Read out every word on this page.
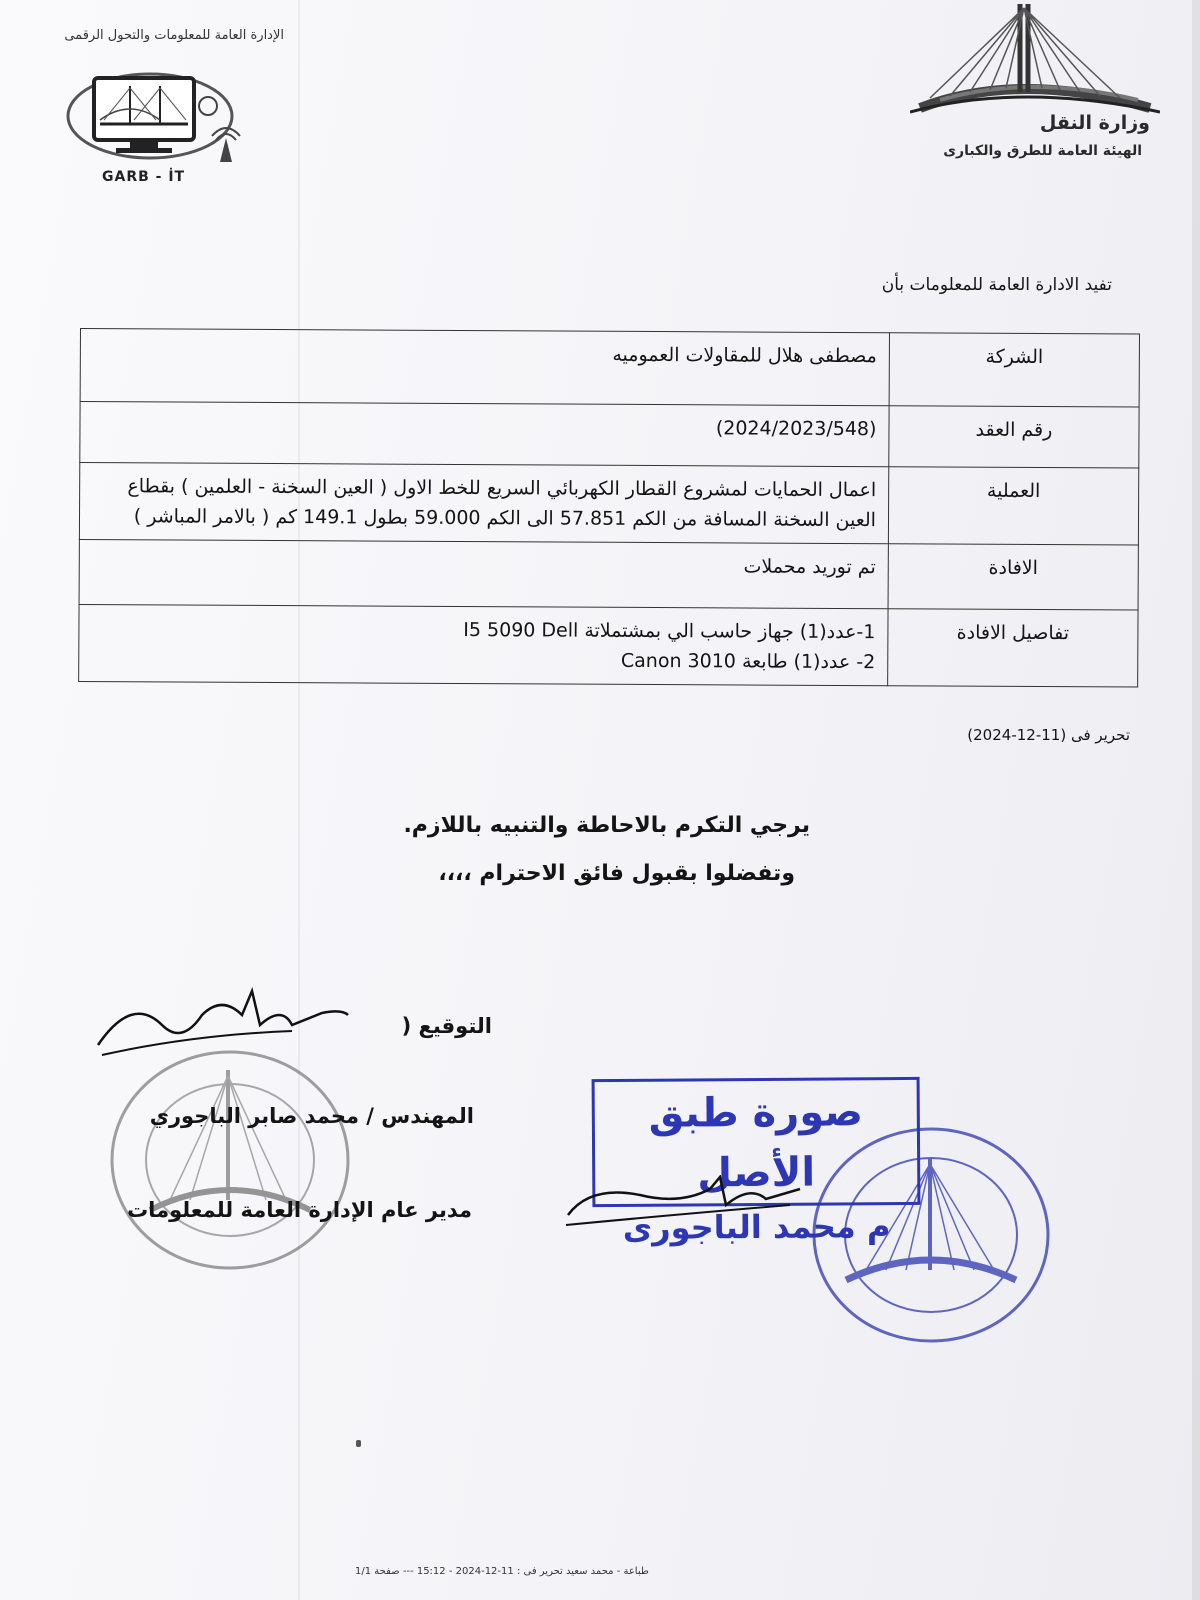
الإدارة العامة للمعلومات والتحول الرقمى
GARB - İT
وزارة النقل
الهيئة العامة للطرق والكبارى
تفيد الادارة العامة للمعلومات بأن
الشركة	مصطفى هلال للمقاولات العموميه

رقم العقد	(2024/2023/548)

العملية	اعمال الحمايات لمشروع القطار الكهربائي السريع للخط الاول ( العين السخنة - العلمين ) بقطاع العين السخنة المسافة من الكم 57.851 الى الكم 59.000 بطول 149.1 كم ( بالامر المباشر )
الافادة	تم توريد محملات

تفاصيل الافادة	1-عدد(1) جهاز حاسب الي بمشتملاتة I5 5090 Dell
2- عدد(1) طابعة Canon 3010
تحرير فى (11-12-2024)
يرجي التكرم بالاحاطة والتنبيه باللازم.
وتفضلوا بقبول فائق الاحترام ،،،،
التوقيع (
المهندس / محمد صابر الباجوري
مدير عام الإدارة العامة للمعلومات
صورة طبق الأصل
م محمد الباجورى
طباعة - محمد سعيد تحرير فى : 11-12-2024 - 15:12 --- صفحة 1/1
